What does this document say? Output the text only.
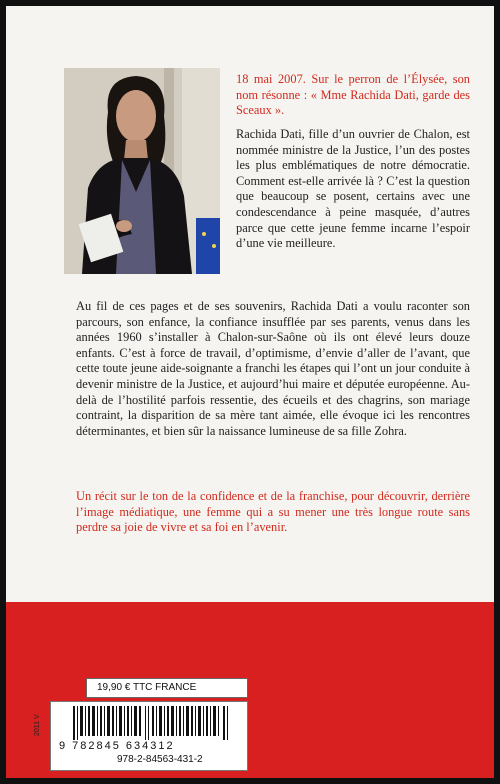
18 mai 2007. Sur le perron de l’Élysée, son nom résonne : « Mme Rachida Dati, garde des Sceaux ».

Rachida Dati, fille d’un ouvrier de Chalon, est nommée ministre de la Justice, l’un des postes les plus emblématiques de notre démocratie. Comment est-elle arrivée là ? C’est la question que beaucoup se posent, certains avec une condescendance à peine masquée, d’autres parce que cette jeune femme incarne l’espoir d’une vie meilleure.

Au fil de ces pages et de ses souvenirs, Rachida Dati a voulu raconter son parcours, son enfance, la confiance insufflée par ses parents, venus dans les années 1960 s’installer à Chalon-sur-Saône où ils ont élevé leurs douze enfants. C’est à force de travail, d’optimisme, d’envie d’aller de l’avant, que cette toute jeune aide-soignante a franchi les étapes qui l’ont un jour conduite à devenir ministre de la Justice, et aujourd’hui maire et députée européenne. Au-delà de l’hostilité parfois ressentie, des écueils et des chagrins, son mariage contraint, la disparition de sa mère tant aimée, elle évoque ici les rencontres déterminantes, et bien sûr la naissance lumineuse de sa fille Zohra.

Un récit sur le ton de la confidence et de la franchise, pour découvrir, derrière l’image médiatique, une femme qui a su mener une très longue route sans perdre sa joie de vivre et sa foi en l’avenir.

19,90 € TTC FRANCE
9 782845 634312
978-2-84563-431-2
2011 V
